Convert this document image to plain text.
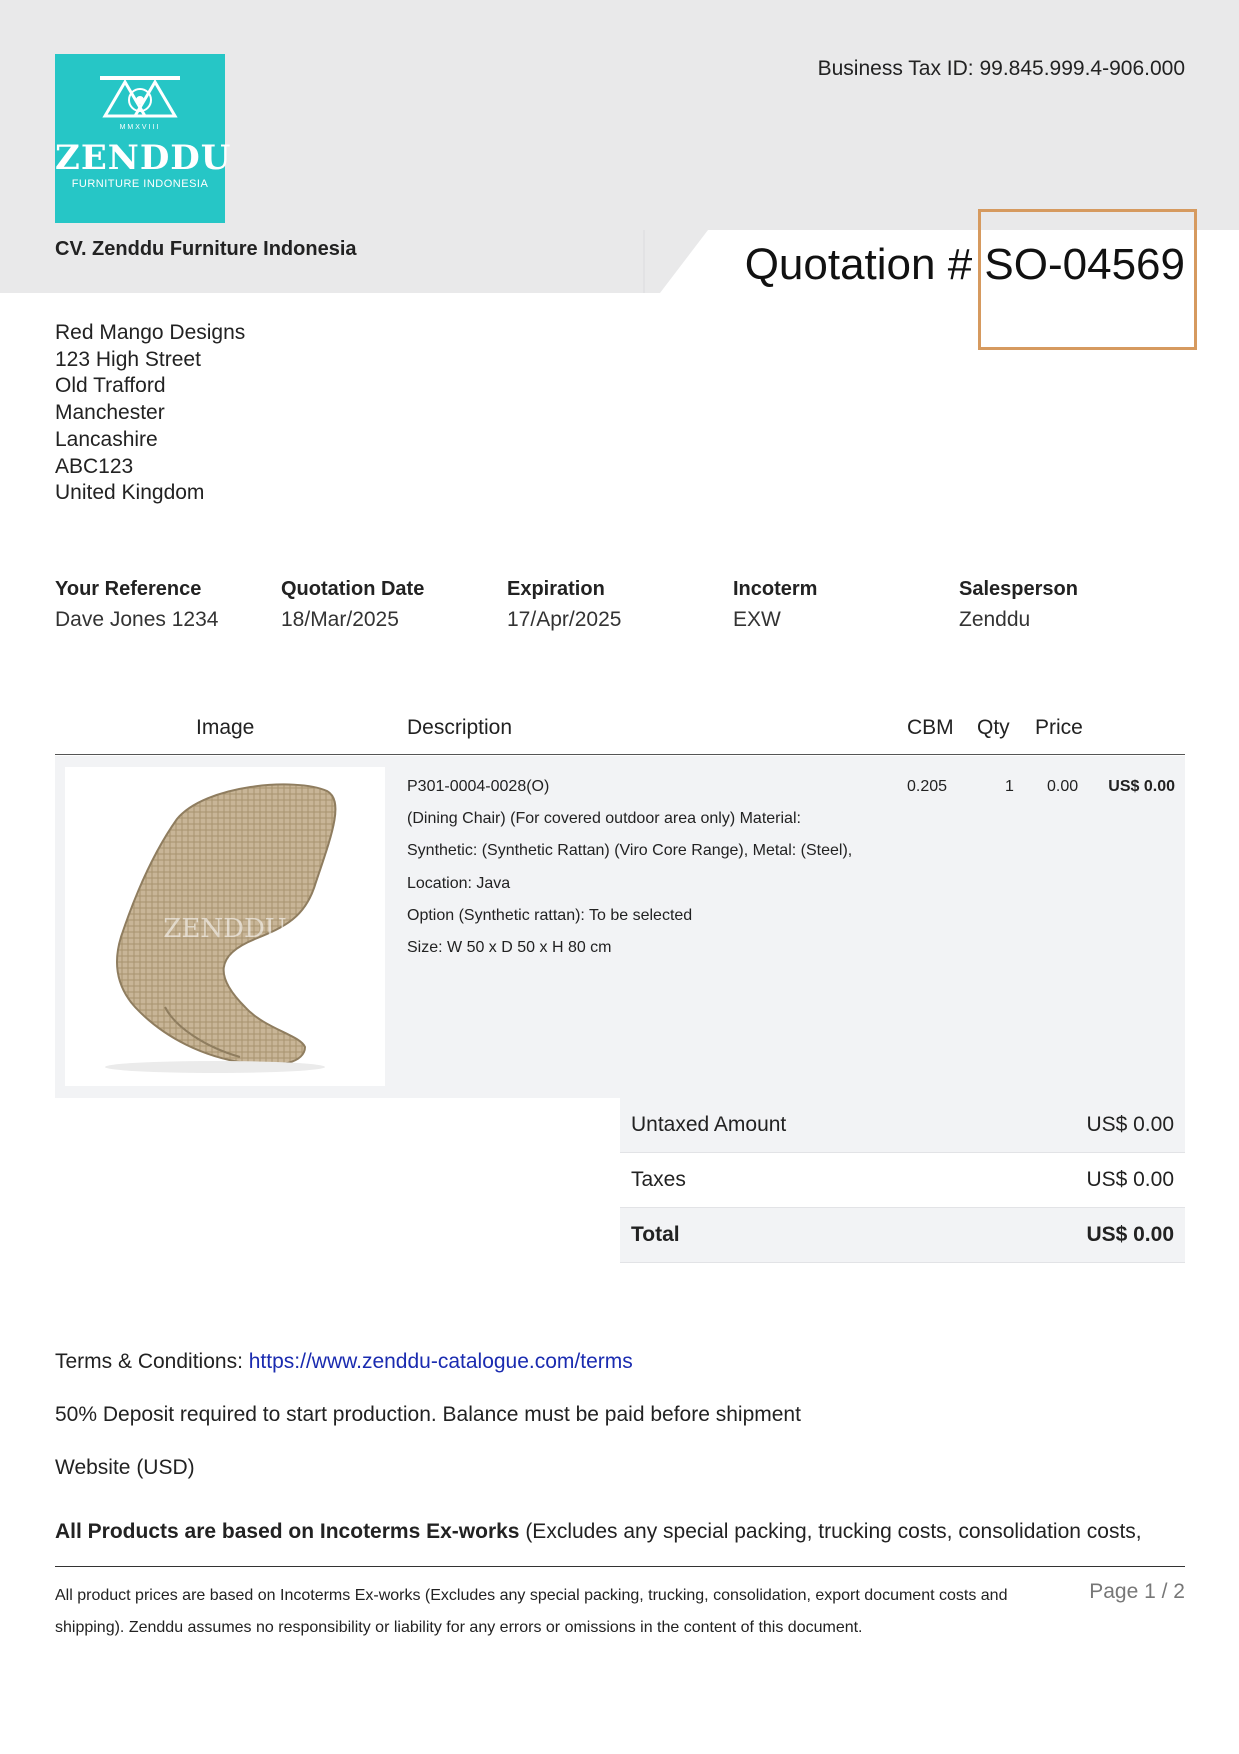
MMXVIII
ZENDDU
FURNITURE INDONESIA
CV. Zenddu Furniture Indonesia
Business Tax ID: 99.845.999.4-906.000
Quotation # SO-04569
Red Mango Designs
123 High Street
Old Trafford
Manchester
Lancashire
ABC123
United Kingdom
Your Reference
Dave Jones 1234
Quotation Date
18/Mar/2025
Expiration
17/Apr/2025
Incoterm
EXW
Salesperson
Zenddu
Image	Description	CBM Qty Price
ZENDDU
P301-0004-0028(O)
(Dining Chair) (For covered outdoor area only) Material:
Synthetic: (Synthetic Rattan) (Viro Core Range), Metal: (Steel),
Location: Java
Option (Synthetic rattan): To be selected
Size: W 50 x D 50 x H 80 cm
0.205	1 0.00 US$ 0.00
Untaxed Amount	US$ 0.00
Taxes	US$ 0.00
Total	US$ 0.00
Terms & Conditions: https://www.zenddu-catalogue.com/terms
50% Deposit required to start production. Balance must be paid before shipment
Website (USD)
All Products are based on Incoterms Ex-works (Excludes any special packing, trucking costs, consolidation costs,
All product prices are based on Incoterms Ex-works (Excludes any special packing, trucking, consolidation, export document costs and shipping). Zenddu assumes no responsibility or liability for any errors or omissions in the content of this document.
Page 1 / 2
